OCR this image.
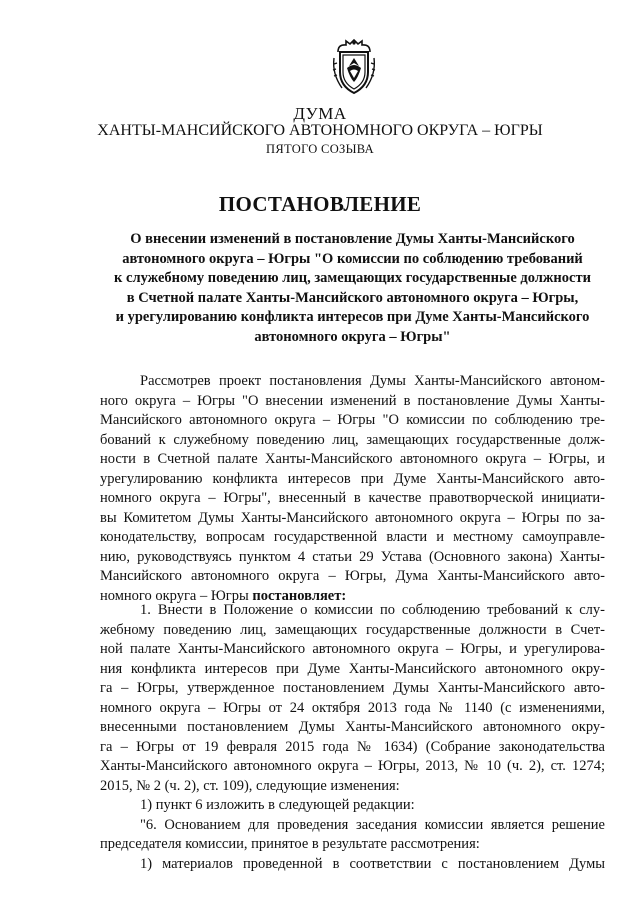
ДУМА
ХАНТЫ-МАНСИЙСКОГО АВТОНОМНОГО ОКРУГА – ЮГРЫ
ПЯТОГО СОЗЫВА
ПОСТАНОВЛЕНИЕ
О внесении изменений в постановление Думы Ханты-Мансийского
автономного округа – Югры "О комиссии по соблюдению требований
к служебному поведению лиц, замещающих государственные должности
в Счетной палате Ханты-Мансийского автономного округа – Югры,
и урегулированию конфликта интересов при Думе Ханты-Мансийского
автономного округа – Югры"
Рассмотрев проект постановления Думы Ханты-Мансийского автоном-
ного округа – Югры "О внесении изменений в постановление Думы Ханты-
Мансийского автономного округа – Югры "О комиссии по соблюдению тре-
бований к служебному поведению лиц, замещающих государственные долж-
ности в Счетной палате Ханты-Мансийского автономного округа – Югры, и
урегулированию конфликта интересов при Думе Ханты-Мансийского авто-
номного округа – Югры", внесенный в качестве правотворческой инициати-
вы Комитетом Думы Ханты-Мансийского автономного округа – Югры по за-
конодательству, вопросам государственной власти и местному самоуправле-
нию, руководствуясь пунктом 4 статьи 29 Устава (Основного закона) Ханты-
Мансийского автономного округа – Югры, Дума Ханты-Мансийского авто-
номного округа – Югры постановляет:
1. Внести в Положение о комиссии по соблюдению требований к слу-
жебному поведению лиц, замещающих государственные должности в Счет-
ной палате Ханты-Мансийского автономного округа – Югры, и урегулирова-
ния конфликта интересов при Думе Ханты-Мансийского автономного окру-
га – Югры, утвержденное постановлением Думы Ханты-Мансийского авто-
номного округа – Югры от 24 октября 2013 года № 1140 (с изменениями,
внесенными постановлением Думы Ханты-Мансийского автономного окру-
га – Югры от 19 февраля 2015 года № 1634) (Собрание законодательства
Ханты-Мансийского автономного округа – Югры, 2013, № 10 (ч. 2), ст. 1274;
2015, № 2 (ч. 2), ст. 109), следующие изменения:
1) пункт 6 изложить в следующей редакции:
"6. Основанием для проведения заседания комиссии является решение
председателя комиссии, принятое в результате рассмотрения:
1) материалов проведенной в соответствии с постановлением Думы
